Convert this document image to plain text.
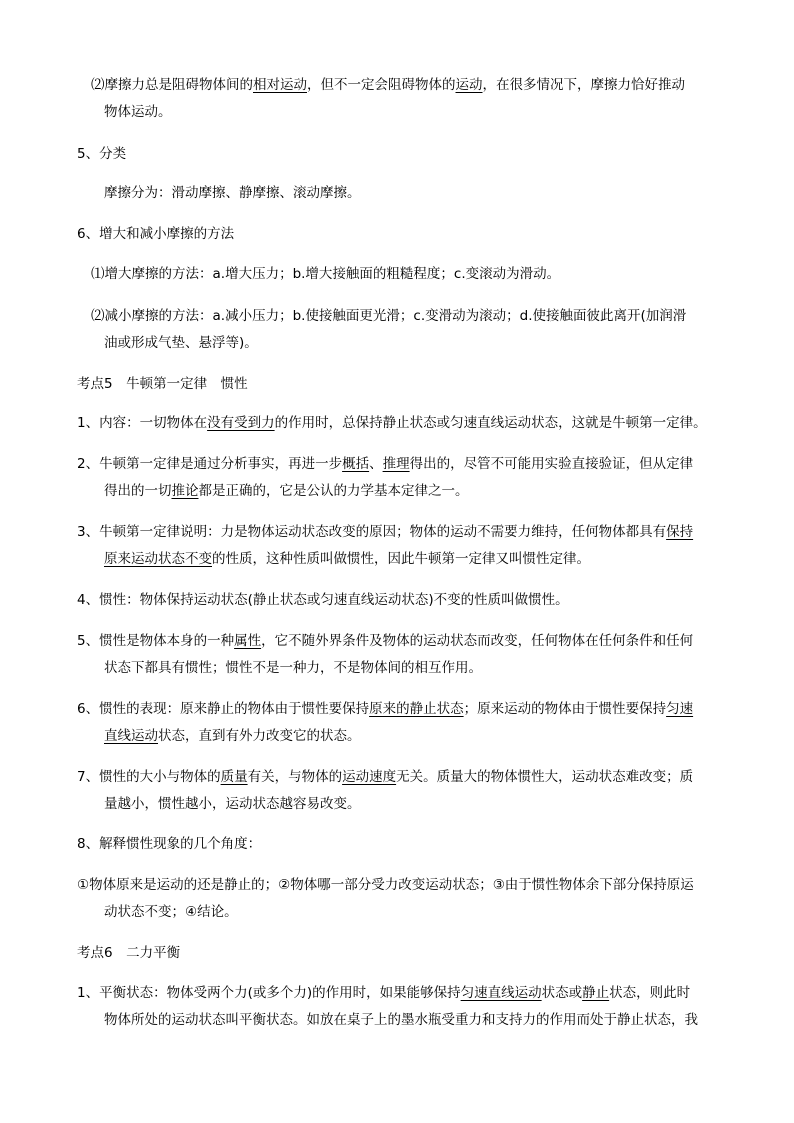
⑵摩擦力总是阻碍物体间的相对运动，但不一定会阻碍物体的运动，在很多情况下，摩擦力恰好推动
物体运动。
5、分类
摩擦分为：滑动摩擦、静摩擦、滚动摩擦。
6、增大和减小摩擦的方法
⑴增大摩擦的方法：a.增大压力；b.增大接触面的粗糙程度；c.变滚动为滑动。
⑵减小摩擦的方法：a.减小压力；b.使接触面更光滑；c.变滑动为滚动；d.使接触面彼此离开(加润滑
油或形成气垫、悬浮等)。
考点5　牛顿第一定律　惯性
1、内容：一切物体在没有受到力的作用时，总保持静止状态或匀速直线运动状态，这就是牛顿第一定律。
2、牛顿第一定律是通过分析事实，再进一步概括、推理得出的，尽管不可能用实验直接验证，但从定律
得出的一切推论都是正确的，它是公认的力学基本定律之一。
3、牛顿第一定律说明：力是物体运动状态改变的原因；物体的运动不需要力维持，任何物体都具有保持
原来运动状态不变的性质，这种性质叫做惯性，因此牛顿第一定律又叫惯性定律。
4、惯性：物体保持运动状态(静止状态或匀速直线运动状态)不变的性质叫做惯性。
5、惯性是物体本身的一种属性，它不随外界条件及物体的运动状态而改变，任何物体在任何条件和任何
状态下都具有惯性；惯性不是一种力，不是物体间的相互作用。
6、惯性的表现：原来静止的物体由于惯性要保持原来的静止状态；原来运动的物体由于惯性要保持匀速
直线运动状态，直到有外力改变它的状态。
7、惯性的大小与物体的质量有关，与物体的运动速度无关。质量大的物体惯性大，运动状态难改变；质
量越小，惯性越小，运动状态越容易改变。
8、解释惯性现象的几个角度：
①物体原来是运动的还是静止的；②物体哪一部分受力改变运动状态；③由于惯性物体余下部分保持原运
动状态不变；④结论。
考点6　二力平衡
1、平衡状态：物体受两个力(或多个力)的作用时，如果能够保持匀速直线运动状态或静止状态，则此时
物体所处的运动状态叫平衡状态。如放在桌子上的墨水瓶受重力和支持力的作用而处于静止状态，我
